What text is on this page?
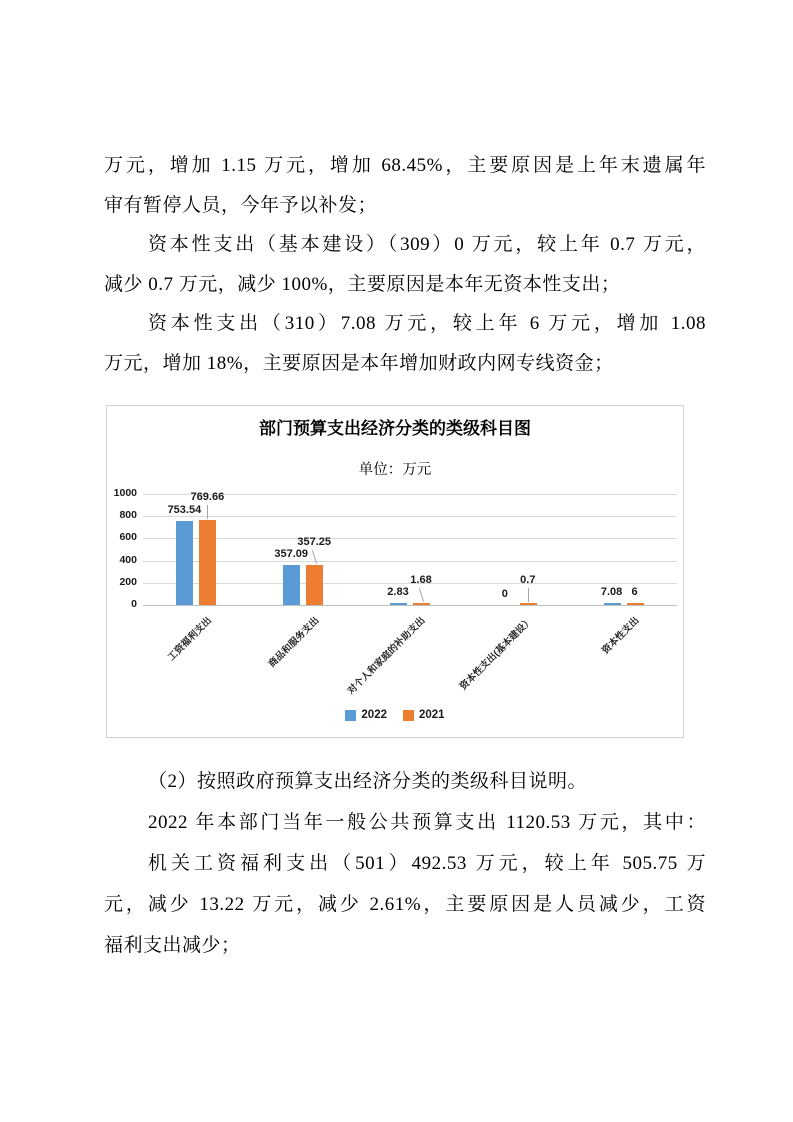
万元，增加 1.15 万元，增加 68.45%，主要原因是上年末遗属年
审有暂停人员，今年予以补发；
资本性支出（基本建设）（309）0 万元，较上年 0.7 万元，
减少 0.7 万元，减少 100%，主要原因是本年无资本性支出；
资本性支出（310）7.08 万元，较上年 6 万元，增加 1.08
万元，增加 18%，主要原因是本年增加财政内网专线资金；
部门预算支出经济分类的类级科目图
单位：万元
0
200
400
600
800
1000
753.54
769.66
工资福利支出
357.09
357.25
商品和服务支出
2.83
1.68
对个人和家庭的补助支出
0
0.7
资本性支出(基本建设）
7.08 6
资本性支出
2022	2021
（2）按照政府预算支出经济分类的类级科目说明。
2022 年本部门当年一般公共预算支出 1120.53 万元，其中：
机关工资福利支出（501）492.53 万元，较上年 505.75 万
元，减少 13.22 万元，减少 2.61%，主要原因是人员减少，工资
福利支出减少；
